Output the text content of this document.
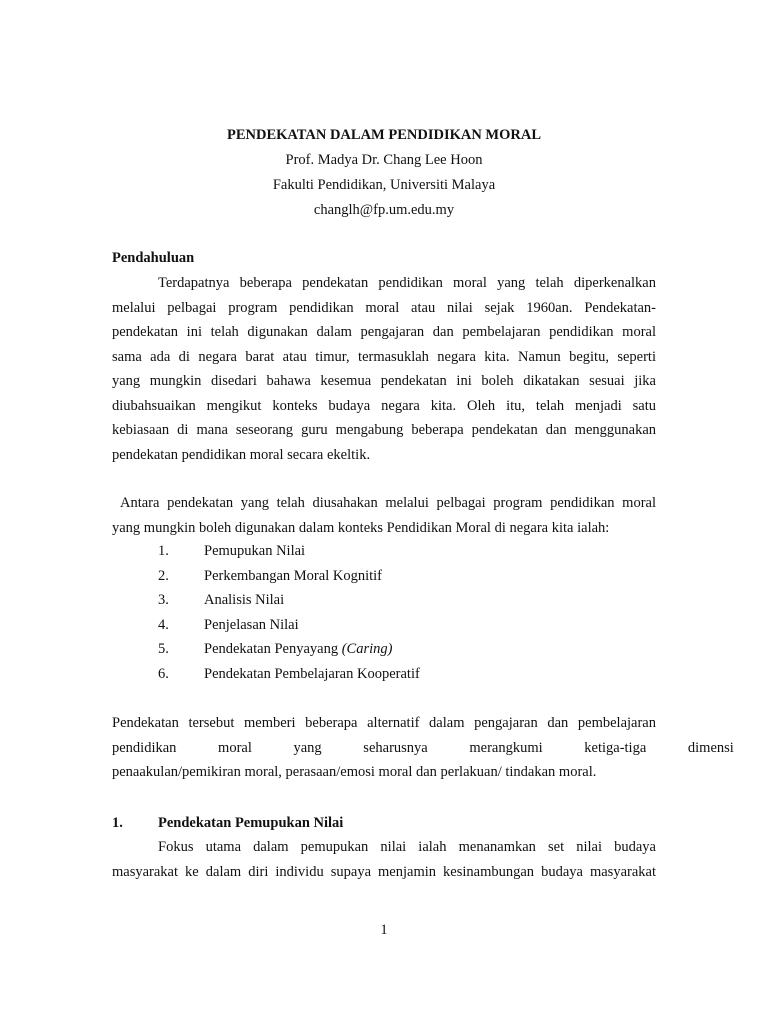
PENDEKATAN DALAM PENDIDIKAN MORAL
Prof. Madya Dr. Chang Lee Hoon
Fakulti Pendidikan, Universiti Malaya
changlh@fp.um.edu.my
Pendahuluan
Terdapatnya beberapa pendekatan pendidikan moral yang telah diperkenalkan
melalui pelbagai program pendidikan moral atau nilai sejak 1960an. Pendekatan-
pendekatan ini telah digunakan dalam pengajaran dan pembelajaran pendidikan moral
sama ada di negara barat atau timur, termasuklah negara kita. Namun begitu, seperti
yang mungkin disedari bahawa kesemua pendekatan ini boleh dikatakan sesuai jika
diubahsuaikan mengikut konteks budaya negara kita. Oleh itu, telah menjadi satu
kebiasaan di mana seseorang guru mengabung beberapa pendekatan dan menggunakan
pendekatan pendidikan moral secara ekeltik.
Antara pendekatan yang telah diusahakan melalui pelbagai program pendidikan moral
yang mungkin boleh digunakan dalam konteks Pendidikan Moral di negara kita ialah:
1.	Pemupukan Nilai
2.	Perkembangan Moral Kognitif
3.	Analisis Nilai
4.	Penjelasan Nilai
5.	Pendekatan Penyayang (Caring)
6.	Pendekatan Pembelajaran Kooperatif
Pendekatan tersebut memberi beberapa alternatif dalam pengajaran dan pembelajaran
pendidikan moral yang seharusnya merangkumi ketiga-tiga dimensi
penaakulan/pemikiran moral, perasaan/emosi moral dan perlakuan/ tindakan moral.
1. Pendekatan Pemupukan Nilai
Fokus utama dalam pemupukan nilai ialah menanamkan set nilai budaya
masyarakat ke dalam diri individu supaya menjamin kesinambungan budaya masyarakat
1
